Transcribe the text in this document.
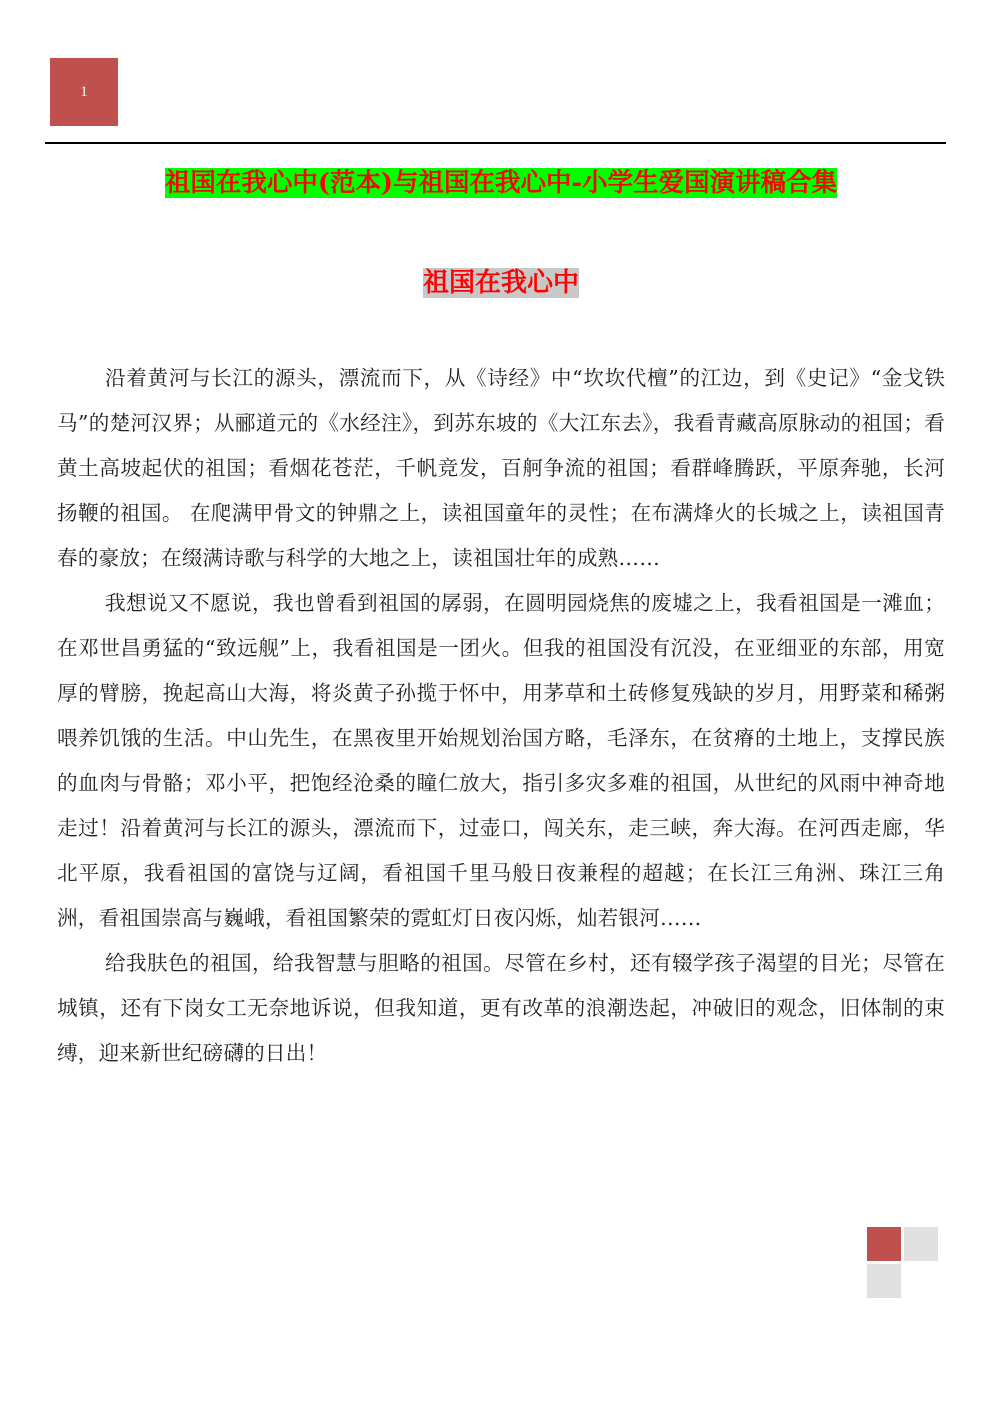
1
祖国在我心中(范本)与祖国在我心中-小学生爱国演讲稿合集
祖国在我心中

沿着黄河与长江的源头，漂流而下，从《诗经》中“坎坎代檀”的江边，到《史记》“金戈铁马”的楚河汉界；从郦道元的《水经注》，到苏东坡的《大江东去》，我看青藏高原脉动的祖国；看黄土高坡起伏的祖国；看烟花苍茫，千帆竞发，百舸争流的祖国；看群峰腾跃，平原奔驰，长河扬鞭的祖国。 在爬满甲骨文的钟鼎之上，读祖国童年的灵性；在布满烽火的长城之上，读祖国青春的豪放；在缀满诗歌与科学的大地之上，读祖国壮年的成熟……

我想说又不愿说，我也曾看到祖国的孱弱，在圆明园烧焦的废墟之上，我看祖国是一滩血；在邓世昌勇猛的“致远舰”上，我看祖国是一团火。但我的祖国没有沉没，在亚细亚的东部，用宽厚的臂膀，挽起高山大海，将炎黄子孙揽于怀中，用茅草和土砖修复残缺的岁月，用野菜和稀粥喂养饥饿的生活。中山先生，在黑夜里开始规划治国方略，毛泽东，在贫瘠的土地上，支撑民族的血肉与骨骼；邓小平，把饱经沧桑的瞳仁放大，指引多灾多难的祖国，从世纪的风雨中神奇地走过！沿着黄河与长江的源头，漂流而下，过壶口，闯关东，走三峡，奔大海。在河西走廊，华北平原，我看祖国的富饶与辽阔，看祖国千里马般日夜兼程的超越；在长江三角洲、珠江三角洲，看祖国崇高与巍峨，看祖国繁荣的霓虹灯日夜闪烁，灿若银河……

给我肤色的祖国，给我智慧与胆略的祖国。尽管在乡村，还有辍学孩子渴望的目光；尽管在城镇，还有下岗女工无奈地诉说，但我知道，更有改革的浪潮迭起，冲破旧的观念，旧体制的束缚，迎来新世纪磅礴的日出！
